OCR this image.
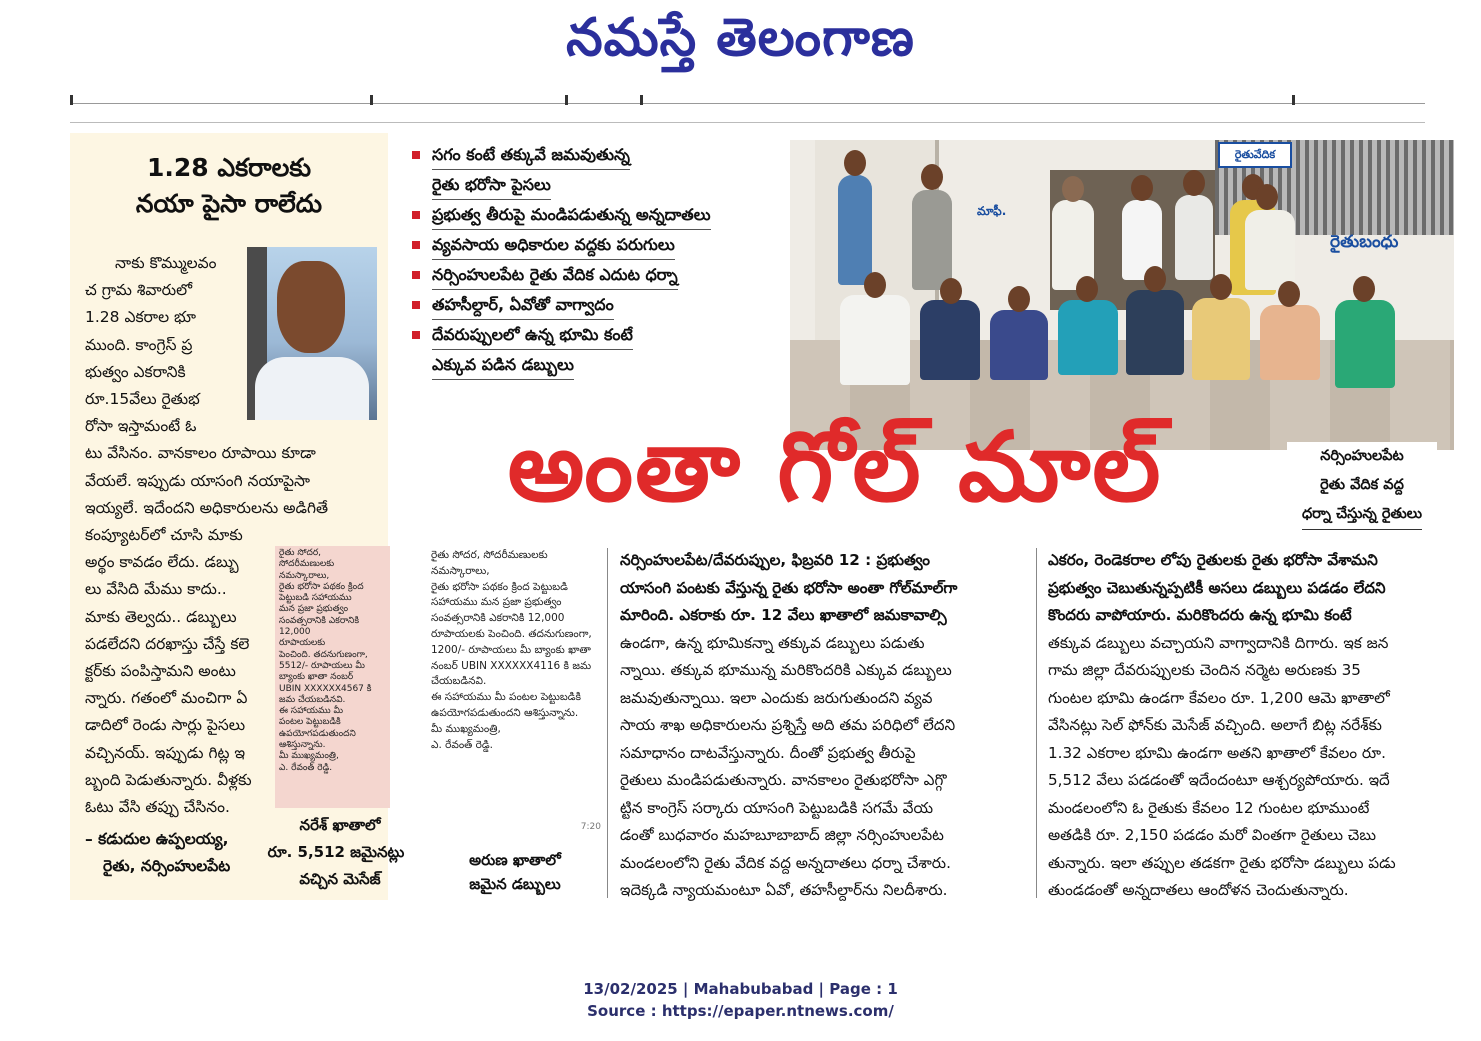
నమస్తే తెలంగాణ
1.28 ఎకరాలకు
నయా పైసా రాలేదు
నాకు కొమ్ములవం
చ గ్రామ శివారులో
1.28 ఎకరాల భూ
ముంది. కాంగ్రెస్ ప్ర
భుత్వం ఎకరానికి
రూ.15వేలు రైతుభ
రోసా ఇస్తామంటే ఓ
టు వేసినం. వానకాలం రూపాయి కూడా
వేయలే. ఇప్పుడు యాసంగి నయాపైసా
ఇయ్యలే. ఇదేందని అధికారులను అడిగితే
కంప్యూటర్‌లో చూసి మాకు
అర్థం కావడం లేదు. డబ్బు
లు వేసిది మేము కాదు..
మాకు తెల్వదు.. డబ్బులు
పడలేదని దరఖాస్తు చేస్తే కలె
క్టర్‌కు పంపిస్తామని అంటు
న్నారు. గతంలో మంచిగా ఏ
డాదిలో రెండు సార్లు పైసలు
వచ్చినయ్. ఇప్పుడు గిట్ల ఇ
బ్బంది పెడుతున్నారు. వీళ్లకు
ఓటు వేసి తప్పు చేసినం.
– కడుదుల ఉప్పలయ్య,
రైతు, నర్సింహులపేట
రైతు సోదర,
సోదరీమణులకు
నమస్కారాలు,
రైతు భరోసా పథకం క్రింద
పెట్టుబడి సహాయము
మన ప్రజా ప్రభుత్వం
సంవత్సరానికి ఎకరానికి
12,000
రూపాయలకు
పెంచింది. తదనుగుణంగా,
5512/- రూపాయలు మీ
బ్యాంకు ఖాతా నంబర్
UBIN XXXXXX4567 కి
జమ చేయబడినవి.
ఈ సహాయము మీ
పంటల పెట్టుబడికి
ఉపయోగపడుతుందని
ఆశిస్తున్నాను.
మీ ముఖ్యమంత్రి,
ఎ. రేవంత్ రెడ్డి.
నరేశ్ ఖాతాలో
రూ. 5,512 జమైనట్లు
వచ్చిన మెసేజ్
రైతు సోదర, సోదరీమణులకు
నమస్కారాలు,
రైతు భరోసా పథకం క్రింద పెట్టుబడి
సహాయము మన ప్రజా ప్రభుత్వం
సంవత్సరానికి ఎకరానికి 12,000
రూపాయలకు పెంచింది. తదనుగుణంగా,
1200/- రూపాయలు మీ బ్యాంకు ఖాతా
నంబర్ UBIN XXXXXX4116 కి జమ
చేయబడినవి.
ఈ సహాయము మీ పంటల పెట్టుబడికి
ఉపయోగపడుతుందని ఆశిస్తున్నాను.
మీ ముఖ్యమంత్రి,
ఎ. రేవంత్ రెడ్డి.
7:20
అరుణ ఖాతాలో
జమైన డబ్బులు
సగం కంటే తక్కువే జమవుతున్న
రైతు భరోసా పైసలు
ప్రభుత్వ తీరుపై మండిపడుతున్న అన్నదాతలు
వ్యవసాయ అధికారుల వద్దకు పరుగులు
నర్సింహులపేట రైతు వేదిక ఎదుట ధర్నా
తహసీల్దార్, ఏవోతో వాగ్వాదం
దేవరుప్పులలో ఉన్న భూమి కంటే
ఎక్కువ పడిన డబ్బులు
రైతువేదిక
రైతుబంధు
మాఫీ.
నర్సింహులపేట
రైతు వేదిక వద్ద
ధర్నా చేస్తున్న రైతులు
అంతా గోల్ మాల్
నర్సింహులపేట/దేవరుప్పుల, ఫిబ్రవరి 12 : ప్రభుత్వం
యాసంగి పంటకు వేస్తున్న రైతు భరోసా అంతా గోల్‌మాల్‌గా
మారింది. ఎకరాకు రూ. 12 వేలు ఖాతాలో జమకావాల్సి
ఉండగా, ఉన్న భూమికన్నా తక్కువ డబ్బులు పడుతు
న్నాయి. తక్కువ భూమున్న మరికొందరికి ఎక్కువ డబ్బులు
జమవుతున్నాయి. ఇలా ఎందుకు జరుగుతుందని వ్యవ
సాయ శాఖ అధికారులను ప్రశ్నిస్తే అది తమ పరిధిలో లేదని
సమాధానం దాటవేస్తున్నారు. దీంతో ప్రభుత్వ తీరుపై
రైతులు మండిపడుతున్నారు. వానకాలం రైతుభరోసా ఎగ్గొ
ట్టిన కాంగ్రెస్ సర్కారు యాసంగి పెట్టుబడికి సగమే వేయ
డంతో బుధవారం మహబూబాబాద్ జిల్లా నర్సింహులపేట
మండలంలోని రైతు వేదిక వద్ద అన్నదాతలు ధర్నా చేశారు.
ఇదెక్కడి న్యాయమంటూ ఏవో, తహసీల్దార్‌ను నిలదీశారు.
ఎకరం, రెండెకరాల లోపు రైతులకు రైతు భరోసా వేశామని
ప్రభుత్వం చెబుతున్నప్పటికీ అసలు డబ్బులు పడడం లేదని
కొందరు వాపోయారు. మరికొందరు ఉన్న భూమి కంటే
తక్కువ డబ్బులు వచ్చాయని వాగ్వాదానికి దిగారు. ఇక జన
గామ జిల్లా దేవరుప్పులకు చెందిన నర్మెట అరుణకు 35
గుంటల భూమి ఉండగా కేవలం రూ. 1,200 ఆమె ఖాతాలో
వేసినట్లు సెల్ ఫోన్‌కు మెసేజ్ వచ్చింది. అలాగే బిట్ల నరేశ్‌కు
1.32 ఎకరాల భూమి ఉండగా అతని ఖాతాలో కేవలం రూ.
5,512 వేలు పడడంతో ఇదేందంటూ ఆశ్చర్యపోయారు. ఇదే
మండలంలోని ఓ రైతుకు కేవలం 12 గుంటల భూముంటే
అతడికి రూ. 2,150 పడడం మరో వింతగా రైతులు చెబు
తున్నారు. ఇలా తప్పుల తడకగా రైతు భరోసా డబ్బులు పడు
తుండడంతో అన్నదాతలు ఆందోళన చెందుతున్నారు.
13/02/2025 | Mahabubabad | Page : 1
Source : https://epaper.ntnews.com/
